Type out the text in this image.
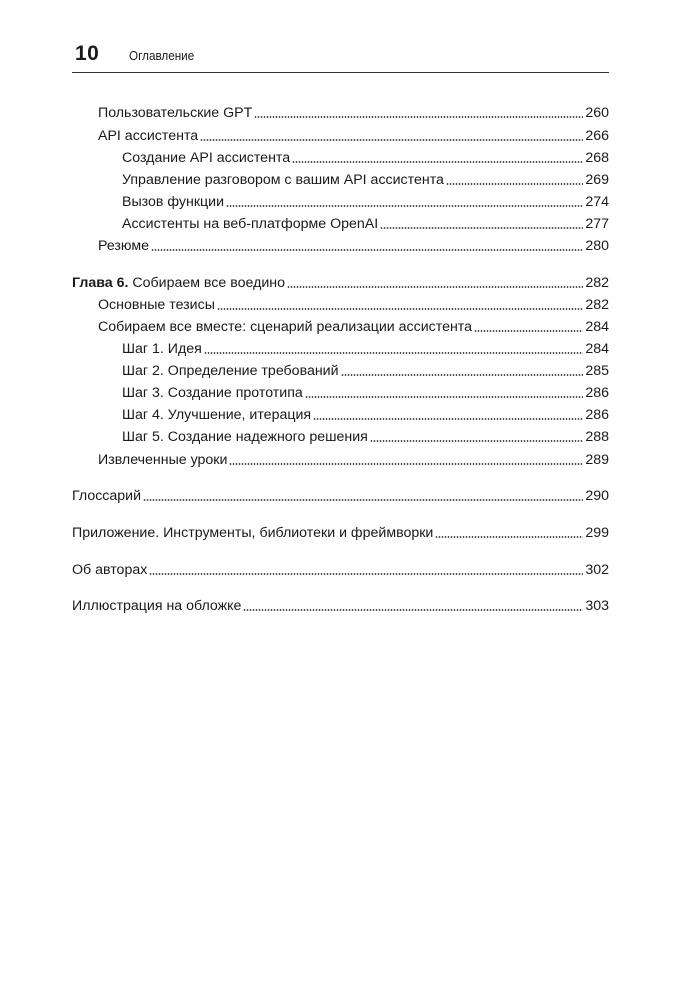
10 Оглавление
Пользовательские GPT	260
API ассистента	266
Создание API ассистента	268
Управление разговором с вашим API ассистента	269
Вызов функции	274
Ассистенты на веб-платформе OpenAI	277
Резюме	280
Глава 6. Собираем все воедино	282
Основные тезисы	282
Собираем все вместе: сценарий реализации ассистента	284
Шаг 1. Идея	284
Шаг 2. Определение требований	285
Шаг 3. Создание прототипа	286
Шаг 4. Улучшение, итерация	286
Шаг 5. Создание надежного решения	288
Извлеченные уроки	289
Глоссарий	290
Приложение. Инструменты, библиотеки и фреймворки	299
Об авторах	302
Иллюстрация на обложке	303
